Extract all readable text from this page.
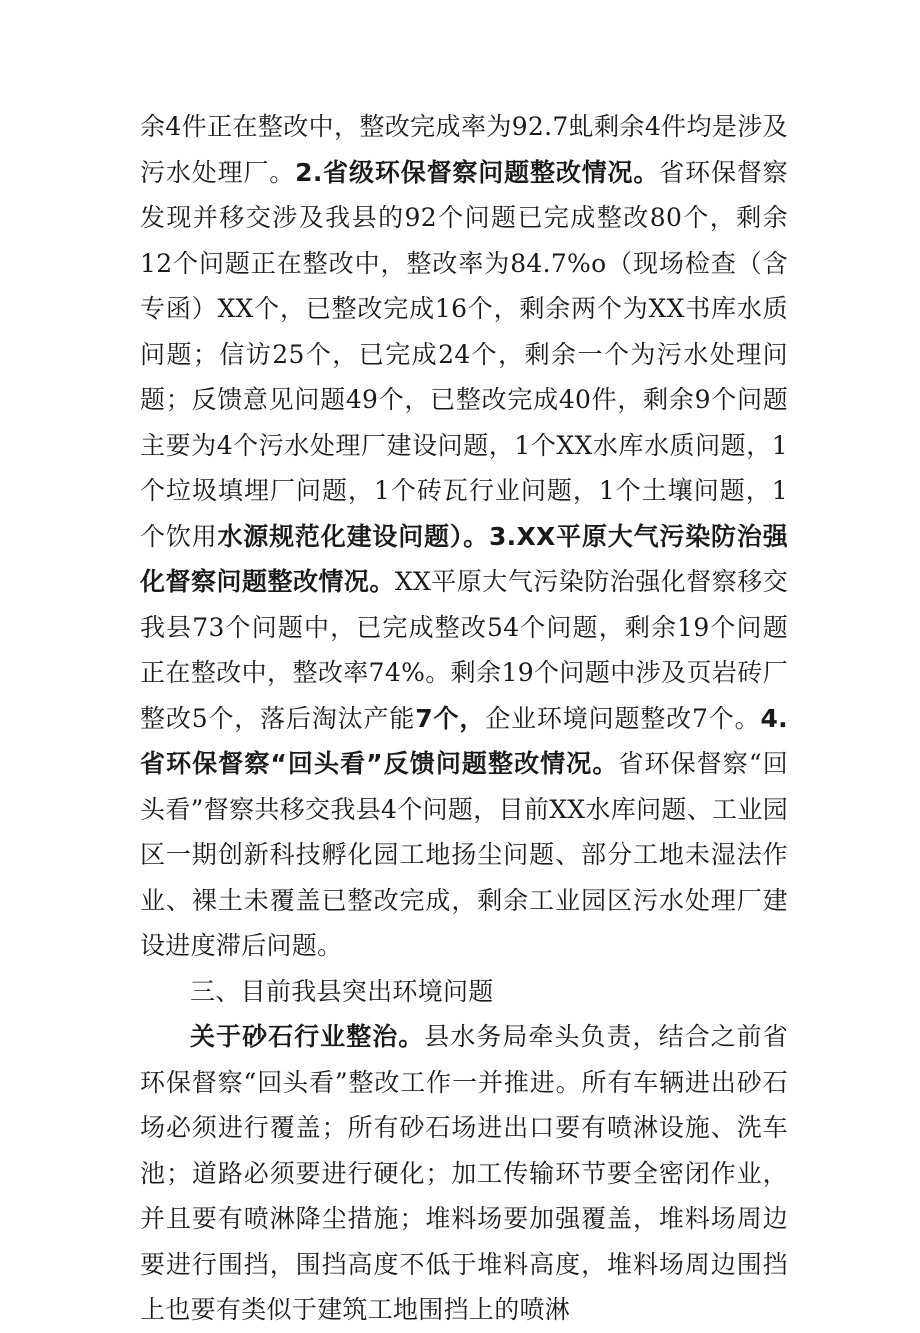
余4件正在整改中，整改完成率为92.7虬剩余4件均是涉及污水处理厂。2.省级环保督察问题整改情况。省环保督察发现并移交涉及我县的92个问题已完成整改80个，剩余12个问题正在整改中，整改率为84.7%o（现场检查（含专函）XX个，已整改完成16个，剩余两个为XX书库水质问题；信访25个，已完成24个，剩余一个为污水处理问题；反馈意见问题49个，已整改完成40件，剩余9个问题主要为4个污水处理厂建设问题，1个XX水库水质问题，1个垃圾填埋厂问题，1个砖瓦行业问题，1个土壤问题，1个饮用水源规范化建设问题）。3.XX平原大气污染防治强化督察问题整改情况。XX平原大气污染防治强化督察移交我县73个问题中，已完成整改54个问题，剩余19个问题正在整改中，整改率74%。剩余19个问题中涉及页岩砖厂整改5个，落后淘汰产能7个，企业环境问题整改7个。4.省环保督察“回头看”反馈问题整改情况。省环保督察“回头看”督察共移交我县4个问题，目前XX水库问题、工业园区一期创新科技孵化园工地扬尘问题、部分工地未湿法作业、裸土未覆盖已整改完成，剩余工业园区污水处理厂建设进度滞后问题。

三、目前我县突出环境问题

关于砂石行业整治。县水务局牵头负责，结合之前省环保督察“回头看”整改工作一并推进。所有车辆进出砂石场必须进行覆盖；所有砂石场进出口要有喷淋设施、洗车池；道路必须要进行硬化；加工传输环节要全密闭作业，并且要有喷淋降尘措施；堆料场要加强覆盖，堆料场周边要进行围挡，围挡高度不低于堆料高度，堆料场周边围挡上也要有类似于建筑工地围挡上的喷淋
